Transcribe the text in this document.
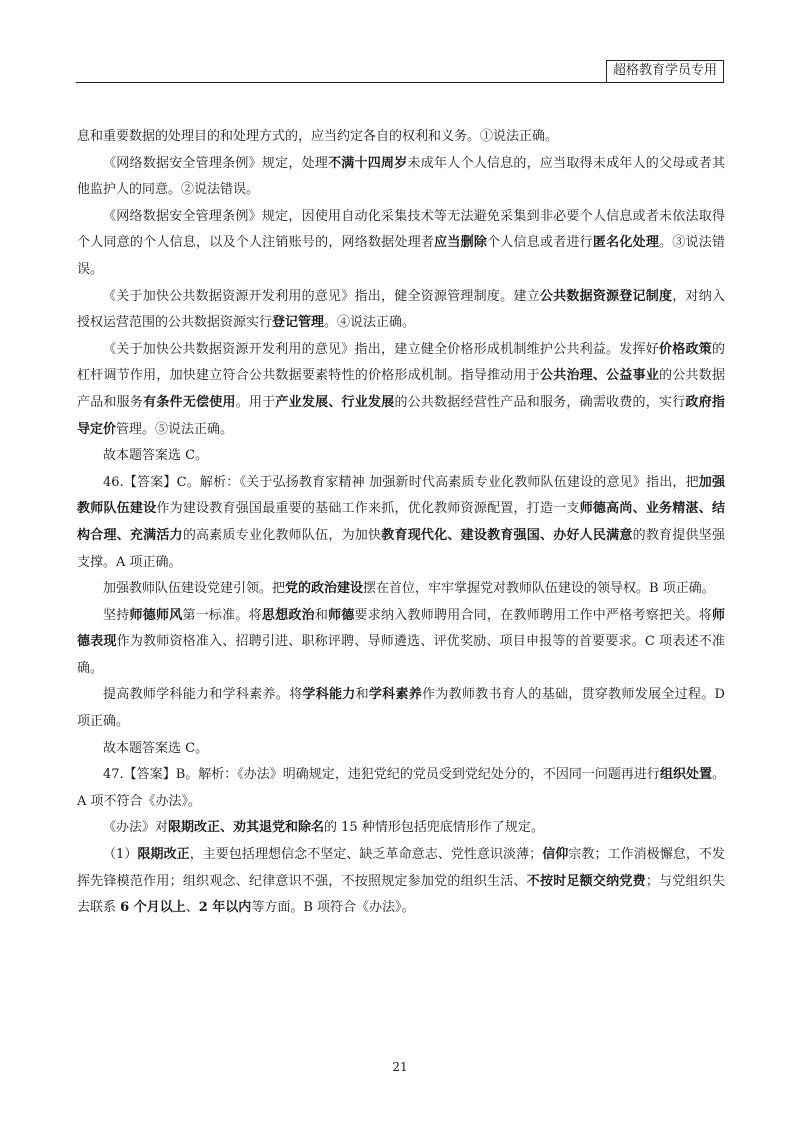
超格教育学员专用

息和重要数据的处理目的和处理方式的，应当约定各自的权利和义务。①说法正确。

《网络数据安全管理条例》规定，处理不满十四周岁未成年人个人信息的，应当取得未成年人的父母或者其他监护人的同意。②说法错误。

《网络数据安全管理条例》规定，因使用自动化采集技术等无法避免采集到非必要个人信息或者未依法取得个人同意的个人信息，以及个人注销账号的，网络数据处理者应当删除个人信息或者进行匿名化处理。③说法错误。

《关于加快公共数据资源开发利用的意见》指出，健全资源管理制度。建立公共数据资源登记制度，对纳入授权运营范围的公共数据资源实行登记管理。④说法正确。

《关于加快公共数据资源开发利用的意见》指出，建立健全价格形成机制维护公共利益。发挥好价格政策的杠杆调节作用，加快建立符合公共数据要素特性的价格形成机制。指导推动用于公共治理、公益事业的公共数据产品和服务有条件无偿使用。用于产业发展、行业发展的公共数据经营性产品和服务，确需收费的，实行政府指导定价管理。⑤说法正确。

故本题答案选 C。

46.【答案】C。解析：《关于弘扬教育家精神 加强新时代高素质专业化教师队伍建设的意见》指出，把加强教师队伍建设作为建设教育强国最重要的基础工作来抓，优化教师资源配置，打造一支师德高尚、业务精湛、结构合理、充满活力的高素质专业化教师队伍，为加快教育现代化、建设教育强国、办好人民满意的教育提供坚强支撑。A 项正确。

加强教师队伍建设党建引领。把党的政治建设摆在首位，牢牢掌握党对教师队伍建设的领导权。B 项正确。

坚持师德师风第一标准。将思想政治和师德要求纳入教师聘用合同，在教师聘用工作中严格考察把关。将师德表现作为教师资格准入、招聘引进、职称评聘、导师遴选、评优奖励、项目申报等的首要要求。C 项表述不准确。

提高教师学科能力和学科素养。将学科能力和学科素养作为教师教书育人的基础，贯穿教师发展全过程。D 项正确。

故本题答案选 C。

47.【答案】B。解析：《办法》明确规定，违犯党纪的党员受到党纪处分的，不因同一问题再进行组织处置。A 项不符合《办法》。

《办法》对限期改正、劝其退党和除名的 15 种情形包括兜底情形作了规定。

（1）限期改正，主要包括理想信念不坚定、缺乏革命意志、党性意识淡薄；信仰宗教；工作消极懈怠，不发挥先锋模范作用；组织观念、纪律意识不强，不按照规定参加党的组织生活、不按时足额交纳党费；与党组织失去联系 6 个月以上、2 年以内等方面。B 项符合《办法》。

21
